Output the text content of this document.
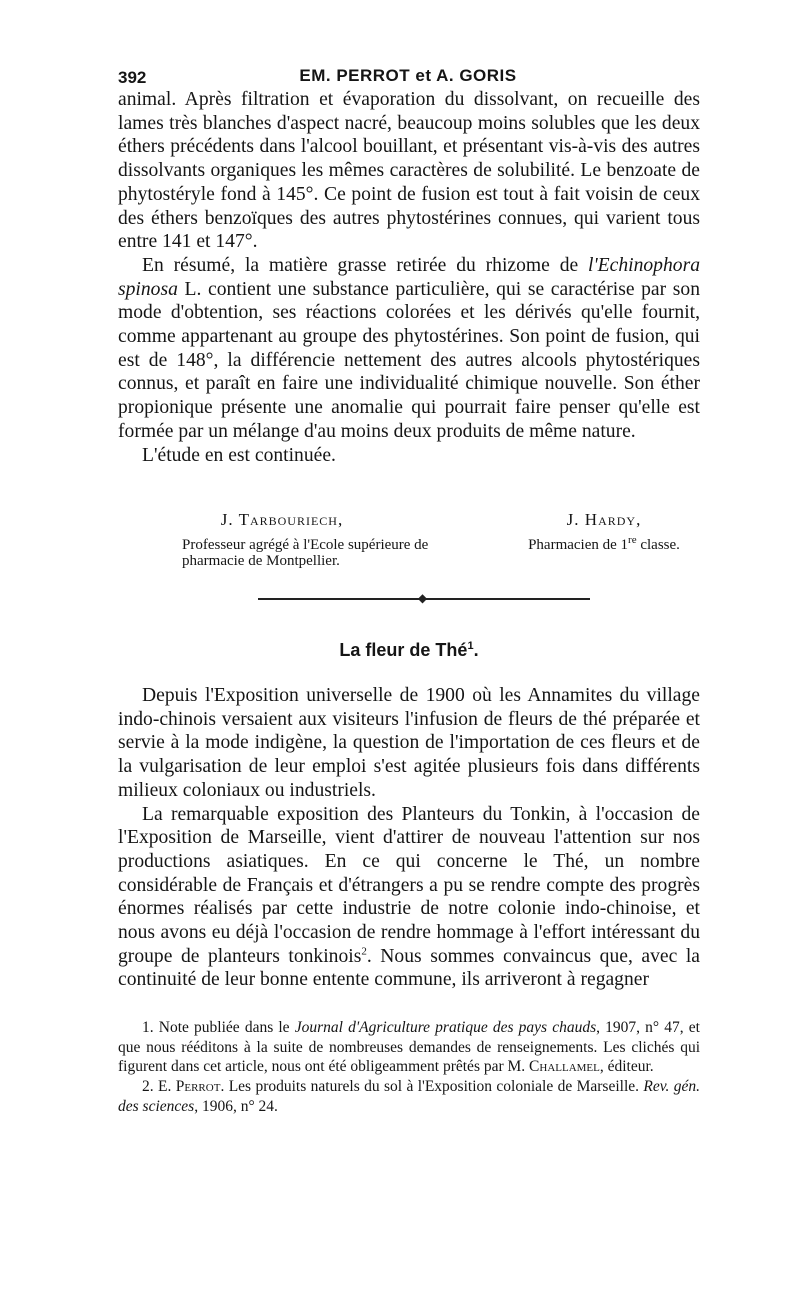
392	EM. PERROT et A. GORIS

animal. Après filtration et évaporation du dissolvant, on recueille des lames très blanches d'aspect nacré, beaucoup moins solubles que les deux éthers précédents dans l'alcool bouillant, et présentant vis-à-vis des autres dissolvants organiques les mêmes caractères de solubilité. Le benzoate de phytostéryle fond à 145°. Ce point de fusion est tout à fait voisin de ceux des éthers benzoïques des autres phytostérines connues, qui varient tous entre 141 et 147°.

En résumé, la matière grasse retirée du rhizome de l'Echinophora spinosa L. contient une substance particulière, qui se caractérise par son mode d'obtention, ses réactions colorées et les dérivés qu'elle fournit, comme appartenant au groupe des phytostérines. Son point de fusion, qui est de 148°, la différencie nettement des autres alcools phytostériques connus, et paraît en faire une individualité chimique nouvelle. Son éther propionique présente une anomalie qui pourrait faire penser qu'elle est formée par un mélange d'au moins deux produits de même nature.

L'étude en est continuée.

J. Tarbouriech,
Professeur agrégé à l'Ecole supérieure de pharmacie de Montpellier.
J. Hardy,
Pharmacien de 1re classe.
◆
La fleur de Thé$^1$.

Depuis l'Exposition universelle de 1900 où les Annamites du village indo-chinois versaient aux visiteurs l'infusion de fleurs de thé préparée et servie à la mode indigène, la question de l'importation de ces fleurs et de la vulgarisation de leur emploi s'est agitée plusieurs fois dans différents milieux coloniaux ou industriels.

La remarquable exposition des Planteurs du Tonkin, à l'occasion de l'Exposition de Marseille, vient d'attirer de nouveau l'attention sur nos productions asiatiques. En ce qui concerne le Thé, un nombre considérable de Français et d'étrangers a pu se rendre compte des progrès énormes réalisés par cette industrie de notre colonie indo-chinoise, et nous avons eu déjà l'occasion de rendre hommage à l'effort intéressant du groupe de planteurs tonkinois$^2$. Nous sommes convaincus que, avec la continuité de leur bonne entente commune, ils arriveront à regagner

1. Note publiée dans le Journal d'Agriculture pratique des pays chauds, 1907, n° 47, et que nous rééditons à la suite de nombreuses demandes de renseignements. Les clichés qui figurent dans cet article, nous ont été obligeamment prêtés par M. Challamel, éditeur.

2. E. Perrot. Les produits naturels du sol à l'Exposition coloniale de Marseille. Rev. gén. des sciences, 1906, n° 24.
